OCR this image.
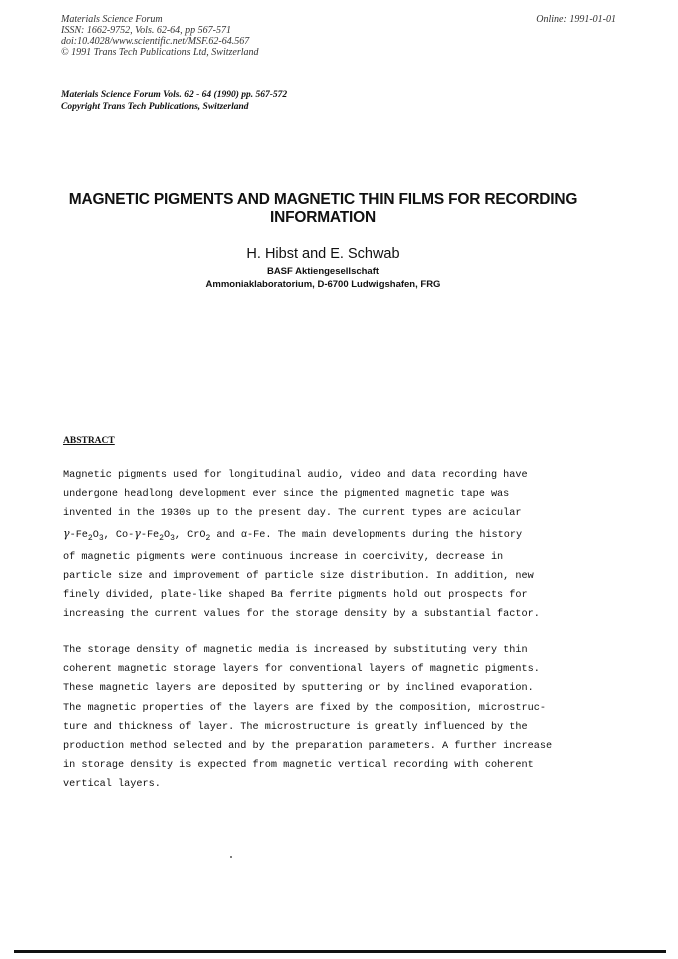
Materials Science Forum
ISSN: 1662-9752, Vols. 62-64, pp 567-571
doi:10.4028/www.scientific.net/MSF.62-64.567
© 1991 Trans Tech Publications Ltd, Switzerland
Online: 1991-01-01
Materials Science Forum Vols. 62 - 64 (1990) pp. 567-572
Copyright Trans Tech Publications, Switzerland
MAGNETIC PIGMENTS AND MAGNETIC THIN FILMS FOR RECORDING
INFORMATION
H. Hibst and E. Schwab
BASF Aktiengesellschaft
Ammoniaklaboratorium, D-6700 Ludwigshafen, FRG
ABSTRACT
Magnetic pigments used for longitudinal audio, video and data recording have
undergone headlong development ever since the pigmented magnetic tape was
invented in the 1930s up to the present day. The current types are acicular
$\gamma-Fe_2O_3$, $Co-\gamma-Fe_2O_3$, CrO$_2$ and α-Fe. The main developments during the history
of magnetic pigments were continuous increase in coercivity, decrease in
particle size and improvement of particle size distribution. In addition, new
finely divided, plate-like shaped Ba ferrite pigments hold out prospects for
increasing the current values for the storage density by a substantial factor.
The storage density of magnetic media is increased by substituting very thin
coherent magnetic storage layers for conventional layers of magnetic pigments.
These magnetic layers are deposited by sputtering or by inclined evaporation.
The magnetic properties of the layers are fixed by the composition, microstruc-
ture and thickness of layer. The microstructure is greatly influenced by the
production method selected and by the preparation parameters. A further increase
in storage density is expected from magnetic vertical recording with coherent
vertical layers.
